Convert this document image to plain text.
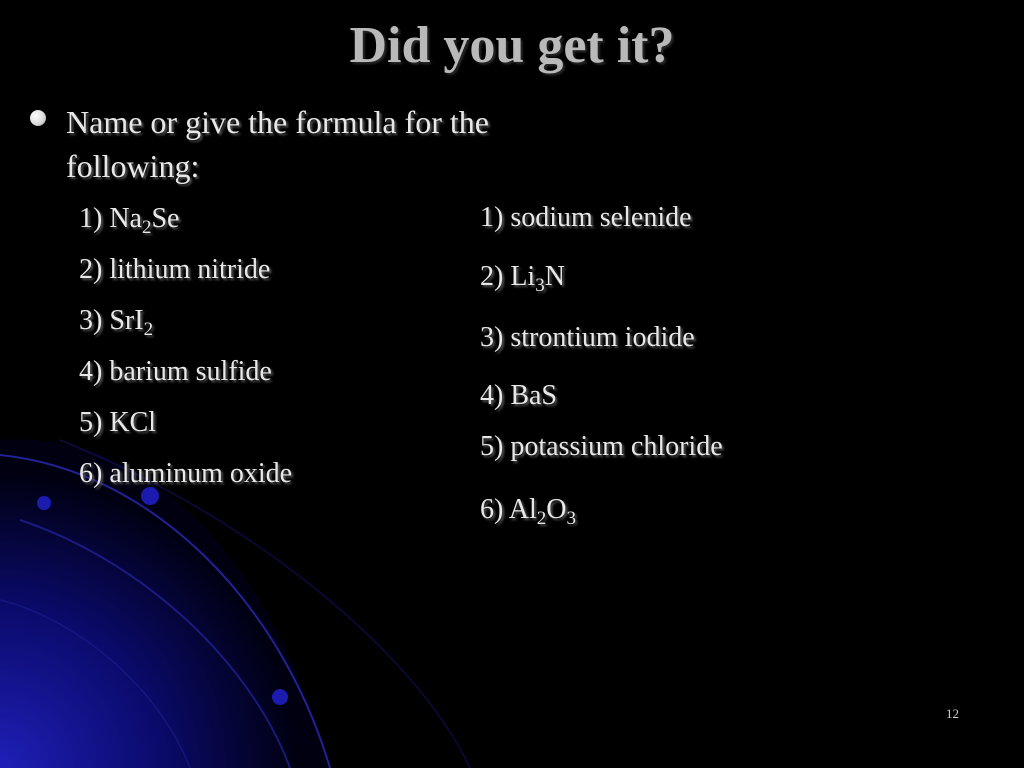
Did you get it?
Name or give the formula for the following:
1) $Na_2Se$
2) lithium nitride
3) SrI$_2$
4) barium sulfide
5) KCl
6) aluminum oxide
1) sodium selenide
2) $Li_3N$
3) strontium iodide
4) BaS
5) potassium chloride
6) $Al_2O_3$
12
